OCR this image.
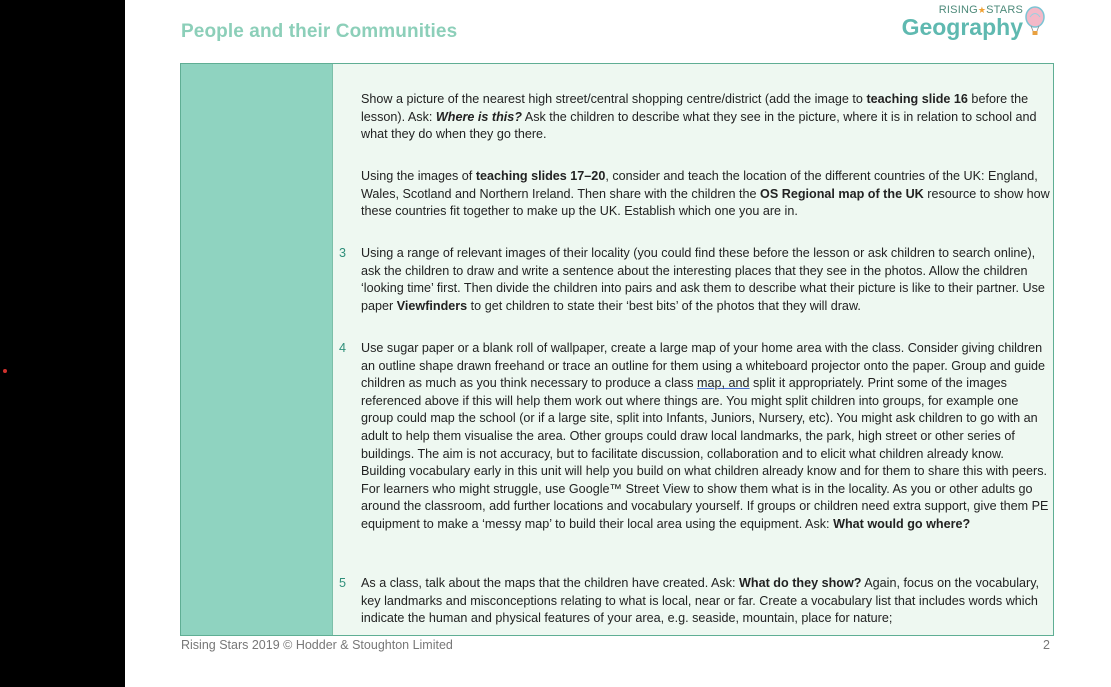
People and their Communities
RISING★STARS
Geography
Show a picture of the nearest high street/central shopping centre/district (add the image to teaching slide 16 before the lesson). Ask: Where is this? Ask the children to describe what they see in the picture, where it is in relation to school and what they do when they go there.
Using the images of teaching slides 17–20, consider and teach the location of the different countries of the UK: England, Wales, Scotland and Northern Ireland. Then share with the children the OS Regional map of the UK resource to show how these countries fit together to make up the UK. Establish which one you are in.
3 Using a range of relevant images of their locality (you could find these before the lesson or ask children to search online), ask the children to draw and write a sentence about the interesting places that they see in the photos. Allow the children ‘looking time’ first. Then divide the children into pairs and ask them to describe what their picture is like to their partner. Use paper Viewfinders to get children to state their ‘best bits’ of the photos that they will draw.
4 Use sugar paper or a blank roll of wallpaper, create a large map of your home area with the class. Consider giving children an outline shape drawn freehand or trace an outline for them using a whiteboard projector onto the paper. Group and guide children as much as you think necessary to produce a class map, and split it appropriately. Print some of the images referenced above if this will help them work out where things are. You might split children into groups, for example one group could map the school (or if a large site, split into Infants, Juniors, Nursery, etc). You might ask children to go with an adult to help them visualise the area. Other groups could draw local landmarks, the park, high street or other series of buildings. The aim is not accuracy, but to facilitate discussion, collaboration and to elicit what children already know. Building vocabulary early in this unit will help you build on what children already know and for them to share this with peers. For learners who might struggle, use Google™ Street View to show them what is in the locality. As you or other adults go around the classroom, add further locations and vocabulary yourself. If groups or children need extra support, give them PE equipment to make a ‘messy map’ to build their local area using the equipment. Ask: What would go where?
5 As a class, talk about the maps that the children have created. Ask: What do they show? Again, focus on the vocabulary, key landmarks and misconceptions relating to what is local, near or far. Create a vocabulary list that includes words which indicate the human and physical features of your area, e.g. seaside, mountain, place for nature;
Rising Stars 2019 © Hodder & Stoughton Limited	2
